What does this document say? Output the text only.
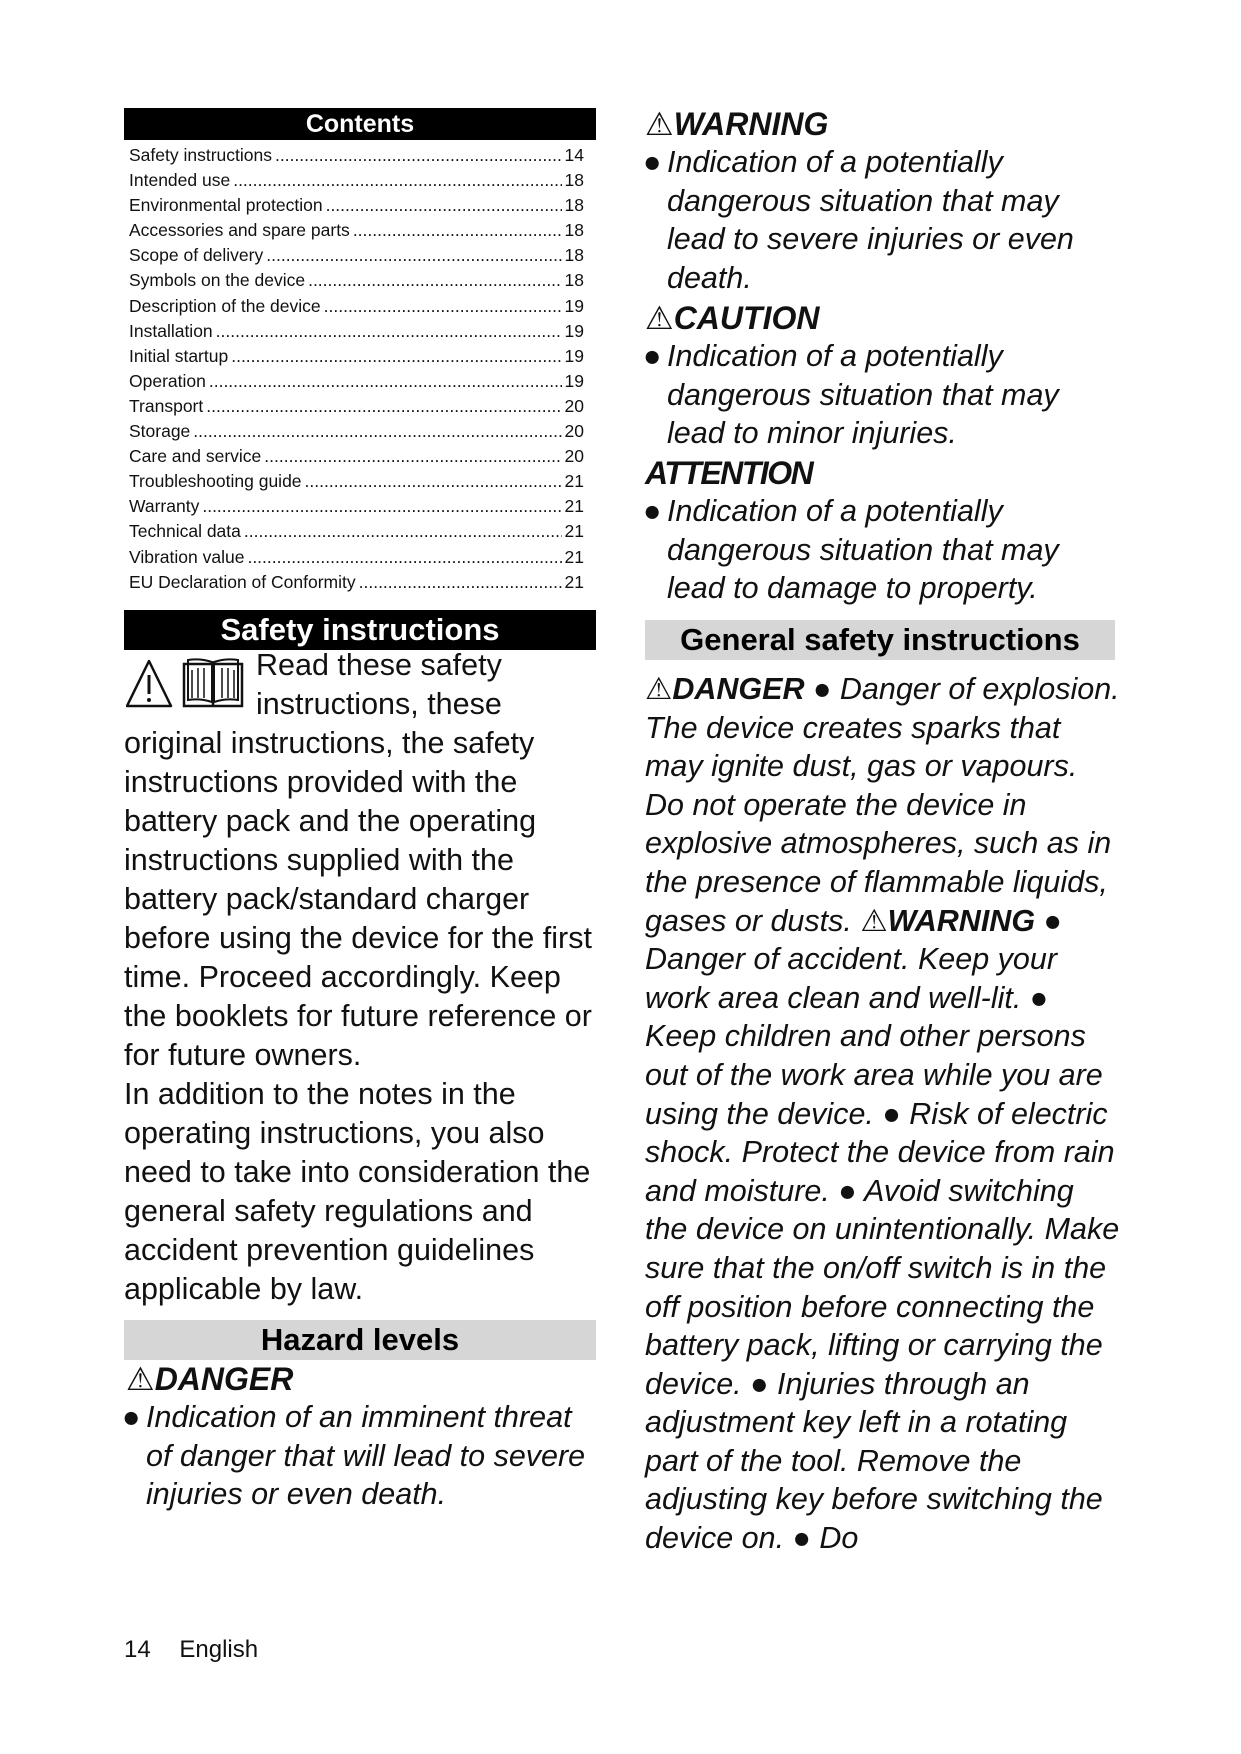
Contents
Safety instructions .....	14
Intended use .....	18
Environmental protection .....	18
Accessories and spare parts .....	18
Scope of delivery .....	18
Symbols on the device .....	18
Description of the device .....	19
Installation .....	19
Initial startup .....	19
Operation .....	19
Transport .....	20
Storage .....	20
Care and service .....	20
Troubleshooting guide .....	21
Warranty .....	21
Technical data .....	21
Vibration value .....	21
EU Declaration of Conformity .....	21
Safety instructions

Read these safety instructions, these original instructions, the safety instructions provided with the battery pack and the operating instructions supplied with the battery pack/standard charger before using the device for the first time. Proceed accordingly. Keep the booklets for future reference or for future owners.

In addition to the notes in the operating instructions, you also need to take into consideration the general safety regulations and accident prevention guidelines applicable by law.

Hazard levels
⚠DANGER
● Indication of an imminent threat of danger that will lead to severe injuries or even death.
⚠WARNING
● Indication of a potentially dangerous situation that may lead to severe injuries or even death.
⚠CAUTION
● Indication of a potentially dangerous situation that may lead to minor injuries.
ATTENTION
● Indication of a potentially dangerous situation that may lead to damage to property.
General safety instructions
⚠DANGER ● Danger of explosion. The device creates sparks that may ignite dust, gas or vapours. Do not operate the device in explosive atmospheres, such as in the presence of flammable liquids, gases or dusts. ⚠WARNING ● Danger of accident. Keep your work area clean and well-lit. ● Keep children and other persons out of the work area while you are using the device. ● Risk of electric shock. Protect the device from rain and moisture. ● Avoid switching the device on unintentionally. Make sure that the on/off switch is in the off position before connecting the battery pack, lifting or carrying the device. ● Injuries through an adjustment key left in a rotating part of the tool. Remove the adjusting key before switching the device on. ● Do
14 English
